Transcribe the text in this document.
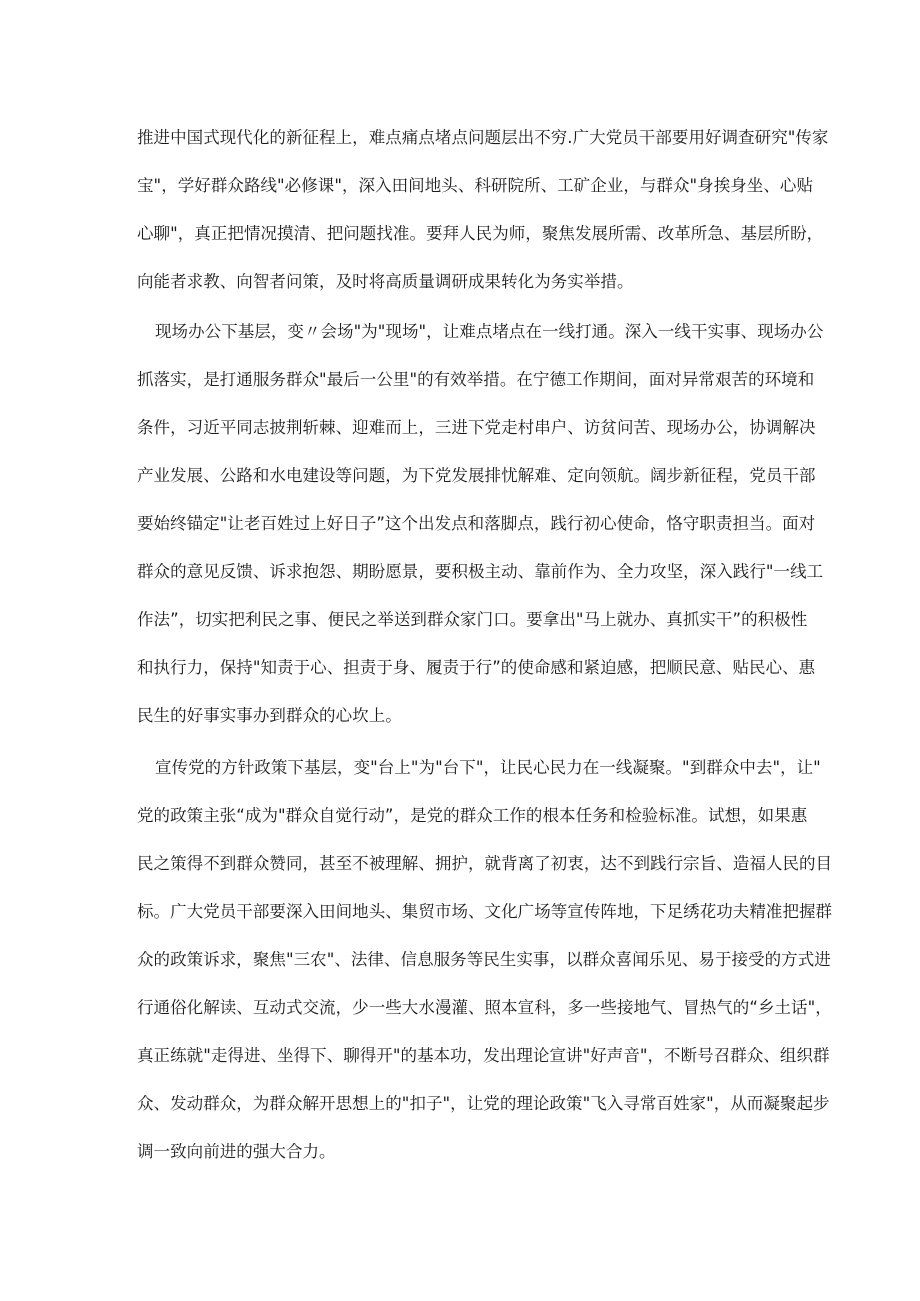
推进中国式现代化的新征程上，难点痛点堵点问题层出不穷.广大党员干部要用好调查研究"传家
宝"，学好群众路线"必修课"，深入田间地头、科研院所、工矿企业，与群众"身挨身坐、心贴
心聊"，真正把情况摸清、把问题找准。要拜人民为师，聚焦发展所需、改革所急、基层所盼，
向能者求教、向智者问策，及时将高质量调研成果转化为务实举措。
现场办公下基层，变〃会场"为"现场"，让难点堵点在一线打通。深入一线干实事、现场办公
抓落实，是打通服务群众"最后一公里"的有效举措。在宁德工作期间，面对异常艰苦的环境和
条件，习近平同志披荆斩棘、迎难而上，三进下党走村串户、访贫问苦、现场办公，协调解决
产业发展、公路和水电建设等问题，为下党发展排忧解难、定向领航。阔步新征程，党员干部
要始终锚定"让老百姓过上好日子”这个出发点和落脚点，践行初心使命，恪守职责担当。面对
群众的意见反馈、诉求抱怨、期盼愿景，要积极主动、靠前作为、全力攻坚，深入践行"一线工
作法”，切实把利民之事、便民之举送到群众家门口。要拿出"马上就办、真抓实干”的积极性
和执行力，保持"知责于心、担责于身、履责于行”的使命感和紧迫感，把顺民意、贴民心、惠
民生的好事实事办到群众的心坎上。
宣传党的方针政策下基层，变"台上"为"台下"，让民心民力在一线凝聚。"到群众中去"，让"
党的政策主张“成为"群众自觉行动”，是党的群众工作的根本任务和检验标准。试想，如果惠
民之策得不到群众赞同，甚至不被理解、拥护，就背离了初衷，达不到践行宗旨、造福人民的目
标。广大党员干部要深入田间地头、集贸市场、文化广场等宣传阵地，下足绣花功夫精准把握群
众的政策诉求，聚焦"三农"、法律、信息服务等民生实事，以群众喜闻乐见、易于接受的方式进
行通俗化解读、互动式交流，少一些大水漫灌、照本宣科，多一些接地气、冒热气的“乡土话"，
真正练就"走得进、坐得下、聊得开"的基本功，发出理论宣讲"好声音"，不断号召群众、组织群
众、发动群众，为群众解开思想上的"扣子"，让党的理论政策"飞入寻常百姓家"，从而凝聚起步
调一致向前进的强大合力。
